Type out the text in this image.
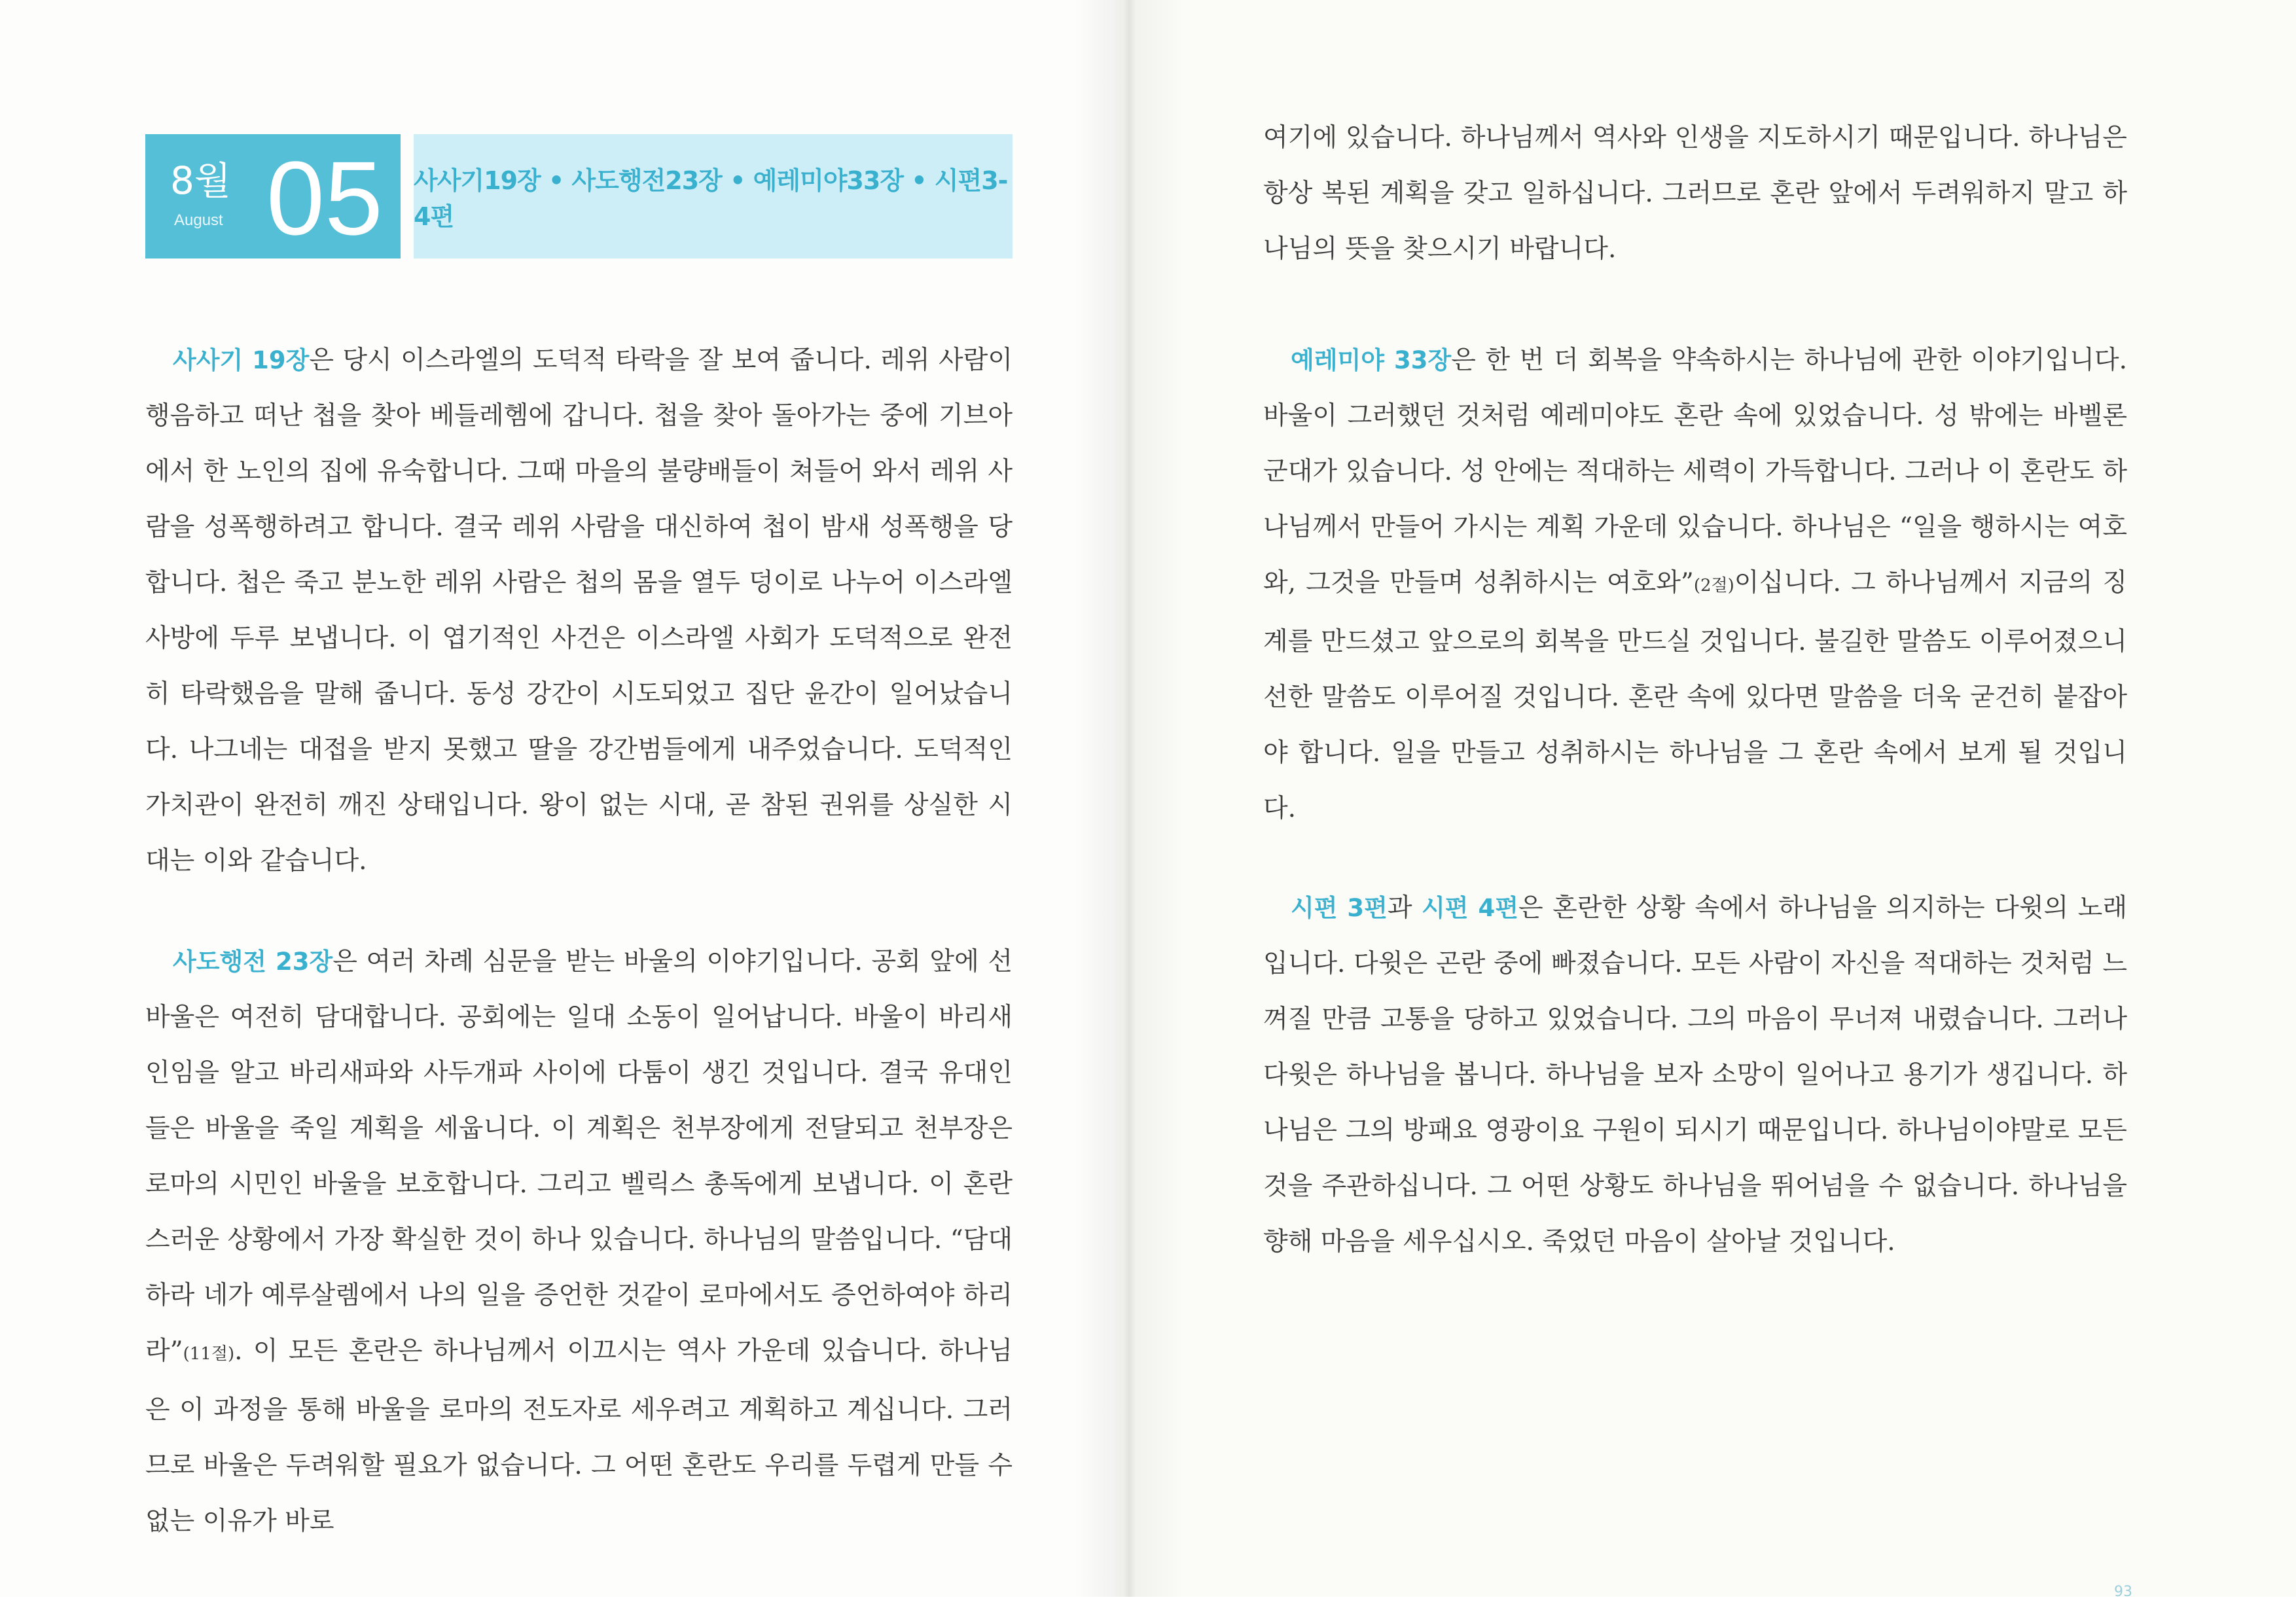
8월
August 05 사사기19장 • 사도행전23장 • 예레미야33장 • 시편3-4편

사사기 19장은 당시 이스라엘의 도덕적 타락을 잘 보여 줍니다. 레위 사람이 행음하고 떠난 첩을 찾아 베들레헴에 갑니다. 첩을 찾아 돌아가는 중에 기브아에서 한 노인의 집에 유숙합니다. 그때 마을의 불량배들이 쳐들어 와서 레위 사람을 성폭행하려고 합니다. 결국 레위 사람을 대신하여 첩이 밤새 성폭행을 당합니다. 첩은 죽고 분노한 레위 사람은 첩의 몸을 열두 덩이로 나누어 이스라엘 사방에 두루 보냅니다. 이 엽기적인 사건은 이스라엘 사회가 도덕적으로 완전히 타락했음을 말해 줍니다. 동성 강간이 시도되었고 집단 윤간이 일어났습니다. 나그네는 대접을 받지 못했고 딸을 강간범들에게 내주었습니다. 도덕적인 가치관이 완전히 깨진 상태입니다. 왕이 없는 시대, 곧 참된 권위를 상실한 시대는 이와 같습니다.

사도행전 23장은 여러 차례 심문을 받는 바울의 이야기입니다. 공회 앞에 선 바울은 여전히 담대합니다. 공회에는 일대 소동이 일어납니다. 바울이 바리새인임을 알고 바리새파와 사두개파 사이에 다툼이 생긴 것입니다. 결국 유대인들은 바울을 죽일 계획을 세웁니다. 이 계획은 천부장에게 전달되고 천부장은 로마의 시민인 바울을 보호합니다. 그리고 벨릭스 총독에게 보냅니다. 이 혼란스러운 상황에서 가장 확실한 것이 하나 있습니다. 하나님의 말씀입니다. “담대하라 네가 예루살렘에서 나의 일을 증언한 것같이 로마에서도 증언하여야 하리라”(11절). 이 모든 혼란은 하나님께서 이끄시는 역사 가운데 있습니다. 하나님은 이 과정을 통해 바울을 로마의 전도자로 세우려고 계획하고 계십니다. 그러므로 바울은 두려워할 필요가 없습니다. 그 어떤 혼란도 우리를 두렵게 만들 수 없는 이유가 바로

여기에 있습니다. 하나님께서 역사와 인생을 지도하시기 때문입니다. 하나님은 항상 복된 계획을 갖고 일하십니다. 그러므로 혼란 앞에서 두려워하지 말고 하나님의 뜻을 찾으시기 바랍니다.

예레미야 33장은 한 번 더 회복을 약속하시는 하나님에 관한 이야기입니다. 바울이 그러했던 것처럼 예레미야도 혼란 속에 있었습니다. 성 밖에는 바벨론 군대가 있습니다. 성 안에는 적대하는 세력이 가득합니다. 그러나 이 혼란도 하나님께서 만들어 가시는 계획 가운데 있습니다. 하나님은 “일을 행하시는 여호와, 그것을 만들며 성취하시는 여호와”(2절)이십니다. 그 하나님께서 지금의 징계를 만드셨고 앞으로의 회복을 만드실 것입니다. 불길한 말씀도 이루어졌으니 선한 말씀도 이루어질 것입니다. 혼란 속에 있다면 말씀을 더욱 굳건히 붙잡아야 합니다. 일을 만들고 성취하시는 하나님을 그 혼란 속에서 보게 될 것입니다.

시편 3편과 시편 4편은 혼란한 상황 속에서 하나님을 의지하는 다윗의 노래입니다. 다윗은 곤란 중에 빠졌습니다. 모든 사람이 자신을 적대하는 것처럼 느껴질 만큼 고통을 당하고 있었습니다. 그의 마음이 무너져 내렸습니다. 그러나 다윗은 하나님을 봅니다. 하나님을 보자 소망이 일어나고 용기가 생깁니다. 하나님은 그의 방패요 영광이요 구원이 되시기 때문입니다. 하나님이야말로 모든 것을 주관하십니다. 그 어떤 상황도 하나님을 뛰어넘을 수 없습니다. 하나님을 향해 마음을 세우십시오. 죽었던 마음이 살아날 것입니다.

93
